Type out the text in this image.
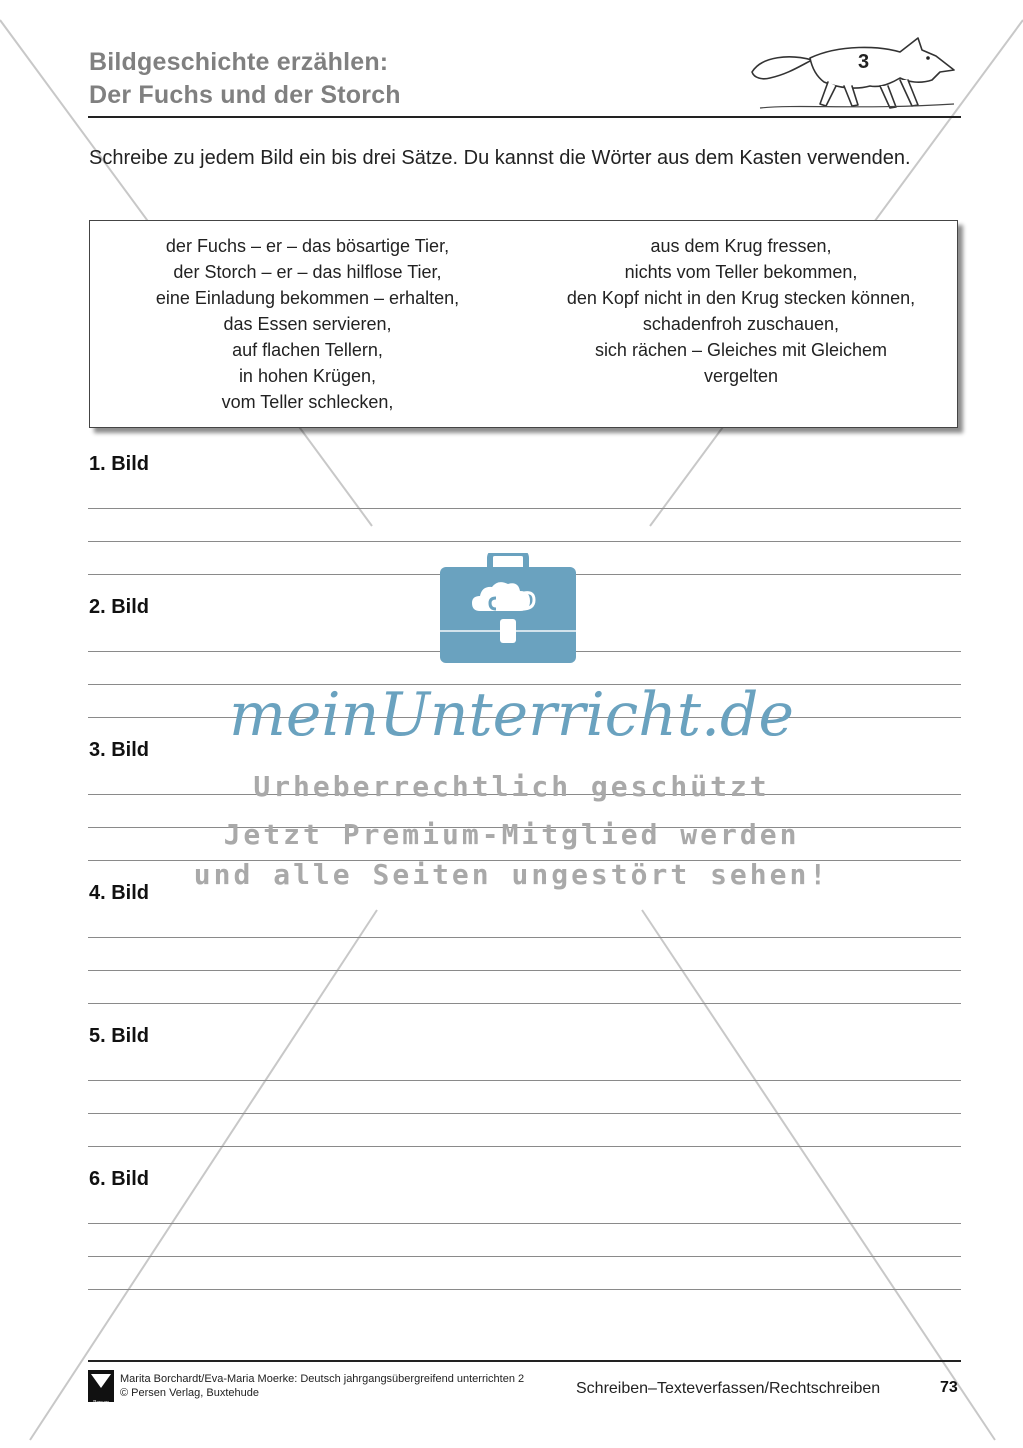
Bildgeschichte erzählen:
Der Fuchs und der Storch
3
Schreibe zu jedem Bild ein bis drei Sätze. Du kannst die Wörter aus dem Kasten verwenden.
der Fuchs – er – das bösartige Tier,
der Storch – er – das hilflose Tier,
eine Einladung bekommen – erhalten,
das Essen servieren,
auf flachen Tellern,
in hohen Krügen,
vom Teller schlecken,
aus dem Krug fressen,
nichts vom Teller bekommen,
den Kopf nicht in den Krug stecken können,
schadenfroh zuschauen,
sich rächen – Gleiches mit Gleichem
vergelten
1. Bild
2. Bild
3. Bild
4. Bild
5. Bild
6. Bild
meinUnterricht.de
Urheberrechtlich geschützt
Jetzt Premium-Mitglied werden
und alle Seiten ungestört sehen!
Persen
Marita Borchardt/Eva-Maria Moerke: Deutsch jahrgangsübergreifend unterrichten 2
© Persen Verlag, Buxtehude	Schreiben–Texteverfassen/Rechtschreiben	73
